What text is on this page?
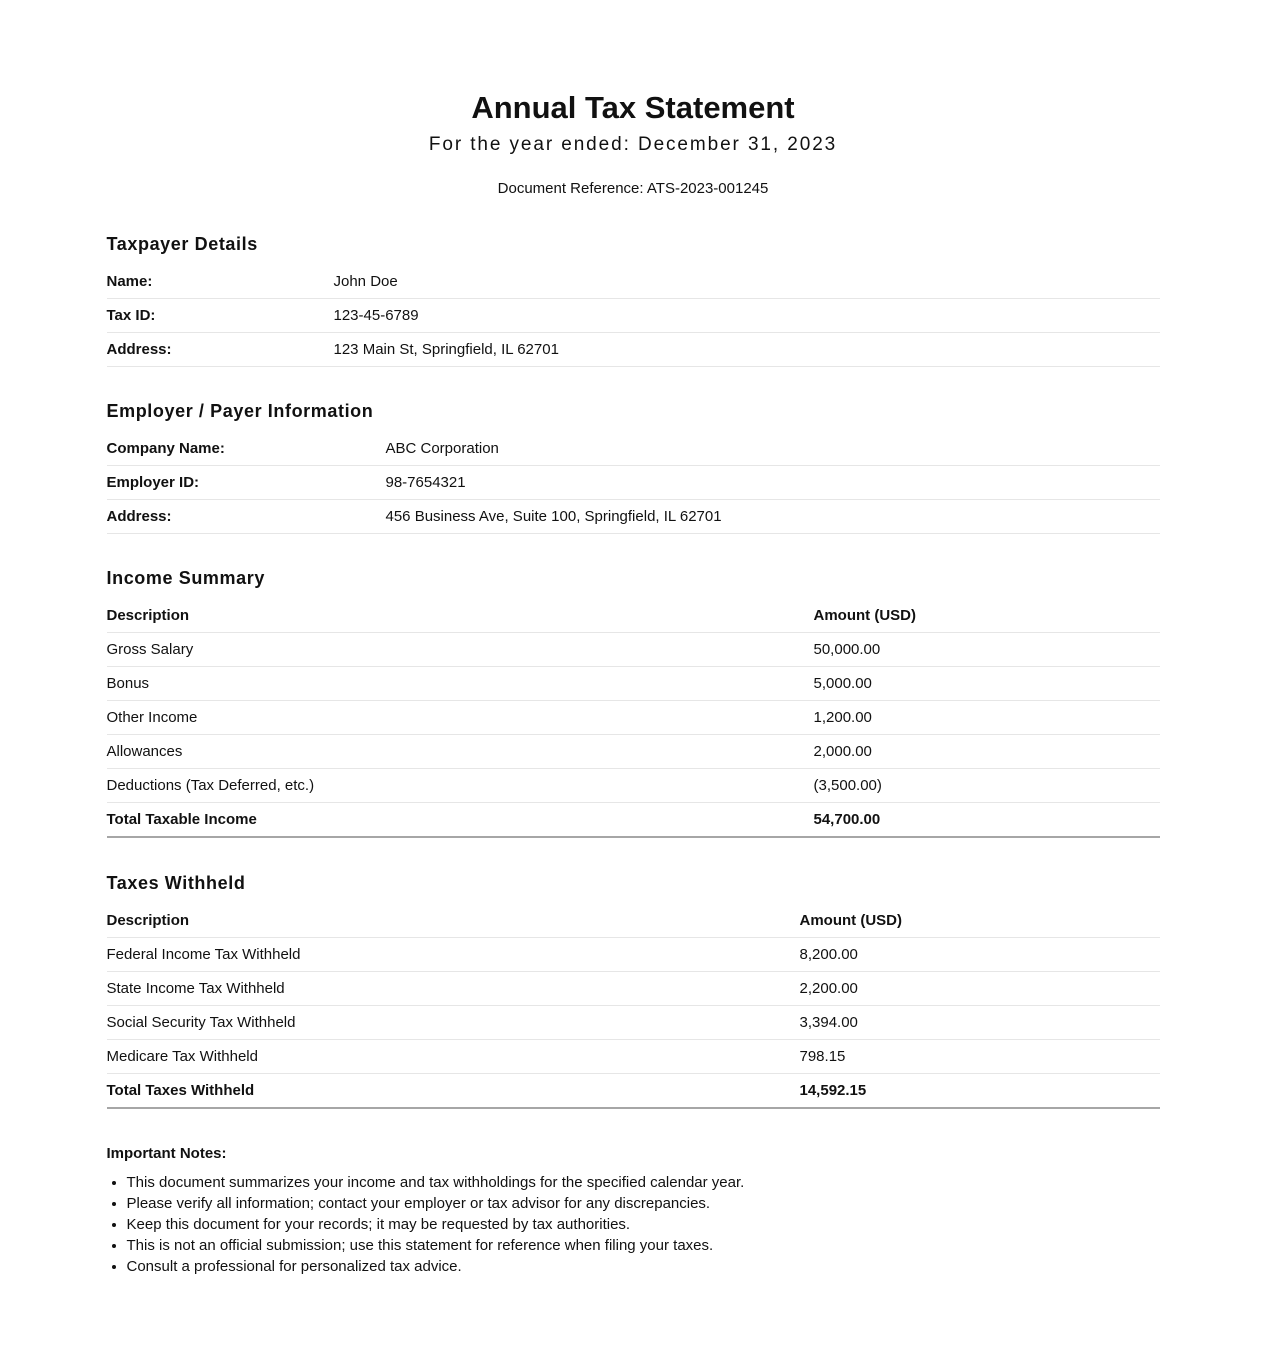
Annual Tax Statement
For the year ended: December 31, 2023
Document Reference: ATS-2023-001245
Taxpayer Details
Name:	John Doe
Tax ID:	123-45-6789
Address:	123 Main St, Springfield, IL 62701
Employer / Payer Information
Company Name:	ABC Corporation
Employer ID:	98-7654321
Address:	456 Business Ave, Suite 100, Springfield, IL 62701
Income Summary
Description	Amount (USD)
Gross Salary	50,000.00
Bonus	5,000.00
Other Income	1,200.00
Allowances	2,000.00
Deductions (Tax Deferred, etc.)	(3,500.00)
Total Taxable Income	54,700.00
Taxes Withheld
Description	Amount (USD)
Federal Income Tax Withheld	8,200.00
State Income Tax Withheld	2,200.00
Social Security Tax Withheld	3,394.00
Medicare Tax Withheld	798.15
Total Taxes Withheld	14,592.15
Important Notes:
• This document summarizes your income and tax withholdings for the specified calendar year.
• Please verify all information; contact your employer or tax advisor for any discrepancies.
• Keep this document for your records; it may be requested by tax authorities.
• This is not an official submission; use this statement for reference when filing your taxes.
• Consult a professional for personalized tax advice.
